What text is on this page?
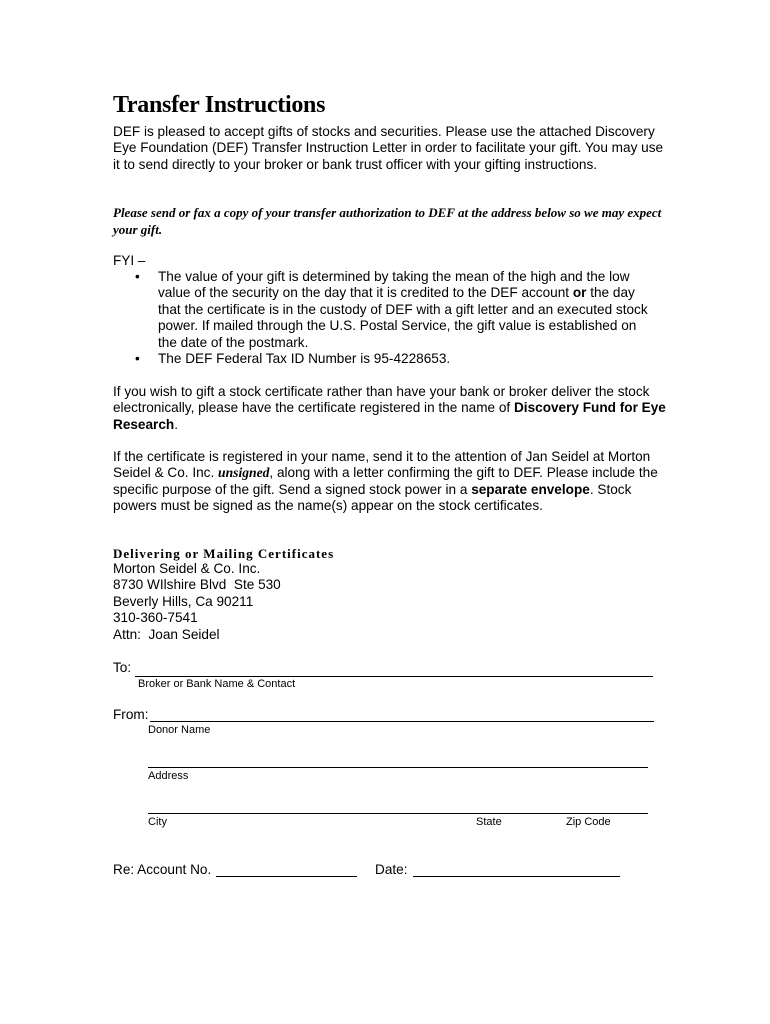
Transfer Instructions
DEF is pleased to accept gifts of stocks and securities. Please use the attached Discovery Eye Foundation (DEF) Transfer Instruction Letter in order to facilitate your gift. You may use it to send directly to your broker or bank trust officer with your gifting instructions.
Please send or fax a copy of your transfer authorization to DEF at the address below so we may expect your gift.
FYI –
• The value of your gift is determined by taking the mean of the high and the low value of the security on the day that it is credited to the DEF account or the day that the certificate is in the custody of DEF with a gift letter and an executed stock power. If mailed through the U.S. Postal Service, the gift value is established on the date of the postmark.
• The DEF Federal Tax ID Number is 95-4228653.
If you wish to gift a stock certificate rather than have your bank or broker deliver the stock electronically, please have the certificate registered in the name of Discovery Fund for Eye Research.
If the certificate is registered in your name, send it to the attention of Jan Seidel at Morton Seidel & Co. Inc. unsigned, along with a letter confirming the gift to DEF. Please include the specific purpose of the gift. Send a signed stock power in a separate envelope. Stock powers must be signed as the name(s) appear on the stock certificates.
Delivering or Mailing Certificates
Morton Seidel & Co. Inc.
8730 WIlshire Blvd  Ste 530
Beverly Hills, Ca 90211
310-360-7541
Attn:  Joan Seidel
To:
Broker or Bank Name & Contact
From:
Donor Name
Address
City	State	Zip Code
Re: Account No.	Date:
